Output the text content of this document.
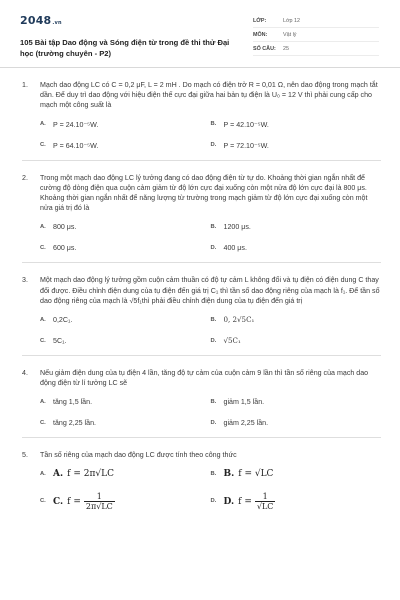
2048.vn
105 Bài tập Dao động và Sóng điện từ trong đề thi thử Đại học (trường chuyên - P2)
LỚP:	Lớp 12
MÔN:	Vật lý
SỐ CÂU:	25
1.	Mạch dao động LC có C = 0,2 μF, L = 2 mH . Do mạch có điện trở R = 0,01 Ω, nên dao động trong mạch tắt dần. Để duy trì dao động với hiệu điện thế cực đại giữa hai bản tụ điện là U₀ = 12 V thì phải cung cấp cho mạch một công suất là
A.	P = 24.10⁻⁵W.	B.	P = 42.10⁻⁵W.
C.	P = 64.10⁻⁵W.	D.	P = 72.10⁻⁵W.
2.	Trong một mạch dao động LC lý tưởng đang có dao động điện từ tự do. Khoảng thời gian ngắn nhất để cường độ dòng điện qua cuộn cảm giảm từ độ lớn cực đại xuống còn một nửa độ lớn cực đại là 800 μs. Khoảng thời gian ngắn nhất để năng lượng từ trường trong mạch giảm từ độ lớn cực đại xuống còn một nửa giá trị đó là
A.	800 μs.	B.	1200 μs.
C.	600 μs.	D.	400 μs.
3.	Một mạch dao động lý tưởng gồm cuộn cảm thuần có độ tự cảm L không đổi và tụ điện có điện dung C thay đổi được. Điều chỉnh điện dung của tụ điện đến giá trị C₁ thì tần số dao động riêng của mạch là f₁. Để tần số dao động riêng của mạch là √5f₁thì phải điều chỉnh điện dung của tụ điện đến giá trị
A.	0,2C₁.	B.	0, 2√5C₁
C.	5C₁.	D.	√5C₁
4.	Nếu giảm điện dung của tụ điện 4 lần, tăng độ tự cảm của cuộn cảm 9 lần thì tần số riêng của mạch dao động điện từ lí tưởng LC sẽ
A.	tăng 1,5 lần.	B.	giảm 1,5 lần.
C.	tăng 2,25 lần.	D.	giảm 2,25 lần.
5.	Tần số riêng của mạch dao động LC được tính theo công thức
A. A. f = 2π√LC	B. B. f = √LC
C. C. $f = \frac{1}{2\pi√LC}$	D. D. $f = \frac{1}{√LC}$
